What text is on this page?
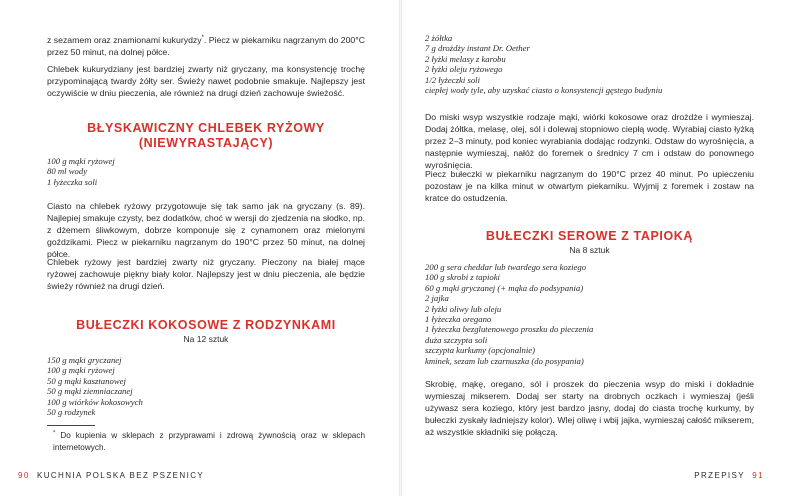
z sezamem oraz znamionami kukurydzy*. Piecz w piekarniku nagrzanym do 200°C przez 50 minut, na dolnej półce.

Chlebek kukurydziany jest bardziej zwarty niż gryczany, ma konsystencję trochę przypominającą twardy żółty ser. Świeży nawet podobnie smakuje. Najlepszy jest oczywiście w dniu pieczenia, ale również na drugi dzień zachowuje świeżość.

BŁYSKAWICZNY CHLEBEK RYŻOWY
(NIEWYRASTAJĄCY)
100 g mąki ryżowej
80 ml wody
1 łyżeczka soli

Ciasto na chlebek ryżowy przygotowuje się tak samo jak na gryczany (s. 89). Najlepiej smakuje czysty, bez dodatków, choć w wersji do zjedzenia na słodko, np. z dżemem śliwkowym, dobrze komponuje się z cynamonem oraz mielonymi goździkami. Piecz w piekarniku nagrzanym do 190°C przez 50 minut, na dolnej półce.

Chlebek ryżowy jest bardziej zwarty niż gryczany. Pieczony na białej mące ryżowej zachowuje piękny biały kolor. Najlepszy jest w dniu pieczenia, ale będzie świeży również na drugi dzień.

BUŁECZKI KOKOSOWE Z RODZYNKAMI

Na 12 sztuk

150 g mąki gryczanej
100 g mąki ryżowej
50 g mąki kasztanowej
50 g mąki ziemniaczanej
100 g wiórków kokosowych
50 g rodzynek

* Do kupienia w sklepach z przyprawami i zdrową żywnością oraz w sklepach internetowych.

90 KUCHNIA POLSKA BEZ PSZENICY
2 żółtka
7 g drożdży instant Dr. Oether
2 łyżki melasy z karobu
2 łyżki oleju ryżowego
1/2 łyżeczki soli
ciepłej wody tyle, aby uzyskać ciasto o konsystencji gęstego budyniu

Do miski wsyp wszystkie rodzaje mąki, wiórki kokosowe oraz drożdże i wymieszaj. Dodaj żółtka, melasę, olej, sól i dolewaj stopniowo ciepłą wodę. Wyrabiaj ciasto łyżką przez 2–3 minuty, pod koniec wyrabiania dodając rodzynki. Odstaw do wyrośnięcia, a następnie wymieszaj, nałóż do foremek o średnicy 7 cm i odstaw do ponownego wyrośnięcia.

Piecz bułeczki w piekarniku nagrzanym do 190°C przez 40 minut. Po upieczeniu pozostaw je na kilka minut w otwartym piekarniku. Wyjmij z foremek i zostaw na kratce do ostudzenia.

BUŁECZKI SEROWE Z TAPIOKĄ

Na 8 sztuk

200 g sera cheddar lub twardego sera koziego
100 g skrobi z tapioki
60 g mąki gryczanej (+ mąka do podsypania)
2 jajka
2 łyżki oliwy lub oleju
1 łyżeczka oregano
1 łyżeczka bezglutenowego proszku do pieczenia
duża szczypta soli
szczypta kurkumy (opcjonalnie)
kminek, sezam lub czarnuszka (do posypania)

Skrobię, mąkę, oregano, sól i proszek do pieczenia wsyp do miski i dokładnie wymieszaj mikserem. Dodaj ser starty na drobnych oczkach i wymieszaj (jeśli używasz sera koziego, który jest bardzo jasny, dodaj do ciasta trochę kurkumy, by bułeczki zyskały ładniejszy kolor). Wlej oliwę i wbij jajka, wymieszaj całość mikserem, aż wszystkie składniki się połączą.

PRZEPISY 91
